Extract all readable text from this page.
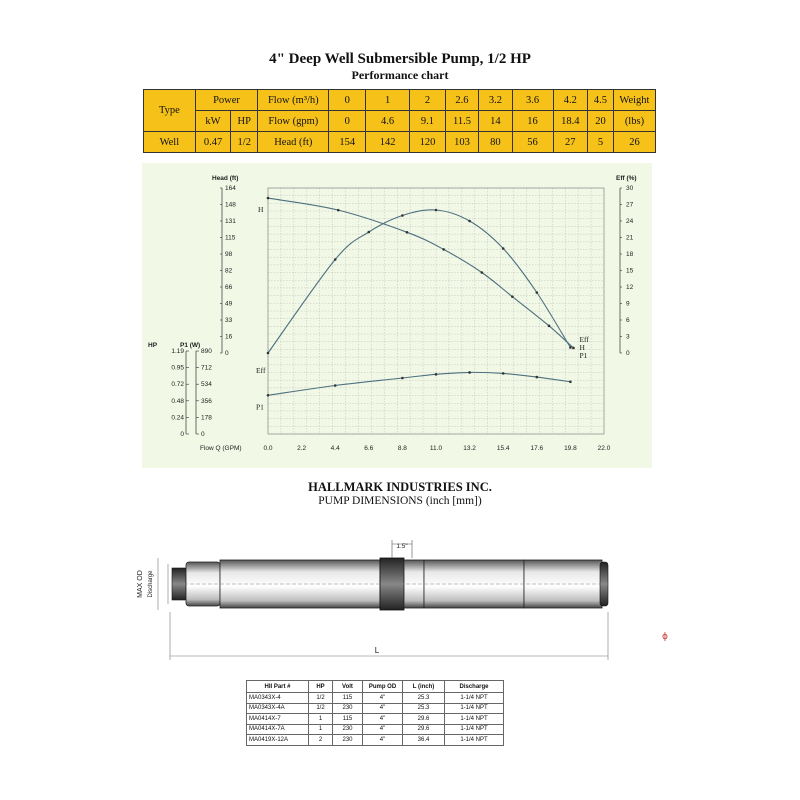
4" Deep Well Submersible Pump, 1/2 HP
Performance chart
Type	Power		Flow (m³/h)	0	1	2	2.6	3.2	3.6	4.2	4.5	Weight
	kW	HP	Flow (gpm)	0	4.6	9.1	11.5	14	16	18.4	20	(lbs)
Well	0.47	1/2	Head (ft)	154	142	120	103	80	56	27	5	26
Head (ft)
164
148
131
115
98
82
66
49
33
16
0
HP	P1 (W)
1.19
0.95
0.72
0.48
0.24
0
890
712
534
356
178
0
Eff (%)
30
27
24
21
18
15
12
9
6
3
0
Flow Q (GPM)	0.0	2.2	4.4	6.6	8.8	11.0	13.2	15.4	17.6	19.8	22.0
H
Eff
P1
Eff
H
P1
HALLMARK INDUSTRIES INC.
PUMP DIMENSIONS (inch [mm])
MAX OD Discharge
1.5"
L
HII Part #	HP	Volt	Pump OD	L (inch)	Discharge
MA0343X-4	1/2	115	4"	25.3	1-1/4 NPT
MA0343X-4A	1/2	230	4"	25.3	1-1/4 NPT
MA0414X-7	1	115	4"	29.6	1-1/4 NPT
MA0414X-7A	1	230	4"	29.6	1-1/4 NPT
MA0419X-12A	2	230	4"	36.4	1-1/4 NPT
ϕ
